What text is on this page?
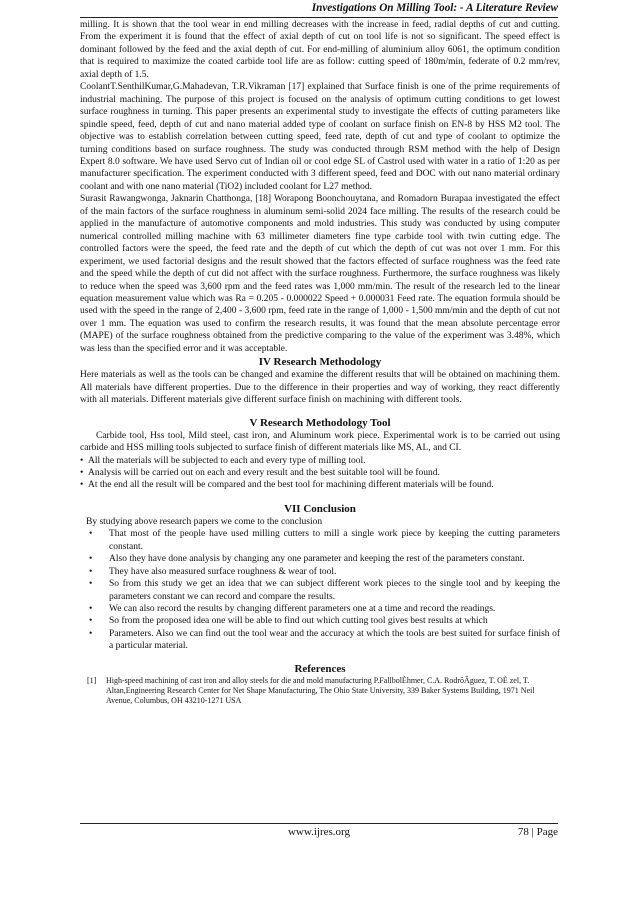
Investigations On Milling Tool: - A Literature Review

milling. It is shown that the tool wear in end milling decreases with the increase in feed, radial depths of cut and cutting. From the experiment it is found that the effect of axial depth of cut on tool life is not so significant. The speed effect is dominant followed by the feed and the axial depth of cut. For end-milling of aluminium alloy 6061, the optimum condition that is required to maximize the coated carbide tool life are as follow: cutting speed of 180m/min, federate of 0.2 mm/rev, axial depth of 1.5.

CoolantT.SenthilKumar,G.Mahadevan, T.R.Vikraman [17] explained that Surface finish is one of the prime requirements of industrial machining. The purpose of this project is focused on the analysis of optimum cutting conditions to get lowest surface roughness in turning. This paper presents an experimental study to investigate the effects of cutting parameters like spindle speed, feed, depth of cut and nano material added type of coolant on surface finish on EN-8 by HSS M2 tool. The objective was to establish correlation between cutting speed, feed rate, depth of cut and type of coolant to optimize the turning conditions based on surface roughness. The study was conducted through RSM method with the help of Design Expert 8.0 software. We have used Servo cut of Indian oil or cool edge SL of Castrol used with water in a ratio of 1:20 as per manufacturer specification. The experiment conducted with 3 different speed, feed and DOC with out nano material ordinary coolant and with one nano material (TiO2) included coolant for L27 method.

Surasit Rawangwonga, Jaknarin Chatthonga, [18] Worapong Boonchouytana, and Romadorn Burapaa investigated the effect of the main factors of the surface roughness in aluminum semi-solid 2024 face milling. The results of the research could be applied in the manufacture of automotive components and mold industries. This study was conducted by using computer numerical controlled milling machine with 63 millimeter diameters fine type carbide tool with twin cutting edge. The controlled factors were the speed, the feed rate and the depth of cut which the depth of cut was not over 1 mm. For this experiment, we used factorial designs and the result showed that the factors effected of surface roughness was the feed rate and the speed while the depth of cut did not affect with the surface roughness. Furthermore, the surface roughness was likely to reduce when the speed was 3,600 rpm and the feed rates was 1,000 mm/min. The result of the research led to the linear equation measurement value which was Ra = 0.205 - 0.000022 Speed + 0.000031 Feed rate. The equation formula should be used with the speed in the range of 2,400 - 3,600 rpm, feed rate in the range of 1,000 - 1,500 mm/min and the depth of cut not over 1 mm. The equation was used to confirm the research results, it was found that the mean absolute percentage error (MAPE) of the surface roughness obtained from the predictive comparing to the value of the experiment was 3.48%, which was less than the specified error and it was acceptable.

IV Research Methodology

Here materials as well as the tools can be changed and examine the different results that will be obtained on machining them. All materials have different properties. Due to the difference in their properties and way of working, they react differently with all materials. Different materials give different surface finish on machining with different tools.

V Research Methodology Tool

Carbide tool, Hss tool, Mild steel, cast iron, and Aluminum work piece. Experimental work is to be carried out using carbide and HSS milling tools subjected to surface finish of different materials like MS, AL, and CI.

• All the materials will be subjected to each and every type of milling tool.
• Analysis will be carried out on each and every result and the best suitable tool will be found.
• At the end all the result will be compared and the best tool for machining different materials will be found.
VII Conclusion

By studying above research papers we come to the conclusion

•	That most of the people have used milling cutters to mill a single work piece by keeping the cutting parameters constant.
•	Also they have done analysis by changing any one parameter and keeping the rest of the parameters constant.
•	They have also measured surface roughness & wear of tool.
•	So from this study we get an idea that we can subject different work pieces to the single tool and by keeping the parameters constant we can record and compare the results.
•	We can also record the results by changing different parameters one at a time and record the readings.
•	So from the proposed idea one will be able to find out which cutting tool gives best results at which
•	Parameters. Also we can find out the tool wear and the accuracy at which the tools are best suited for surface finish of a particular material.
References
[1]	High-speed machining of cast iron and alloy steels for die and mold manufacturing P.FallbolÈhmer, C.A. RodrõÂguez, T. OÈ zel, T. Altan,Engineering Research Center for Net Shape Manufacturing, The Ohio State University, 339 Baker Systems Building, 1971 Neil Avenue, Columbus, OH 43210-1271 USA
www.ijres.org	78 | Page
